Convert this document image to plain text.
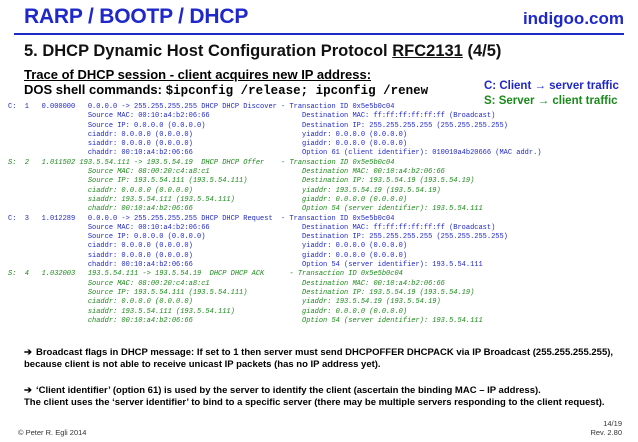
RARP / BOOTP / DHCP	indigoo.com
5. DHCP Dynamic Host Configuration Protocol RFC2131 (4/5)
Trace of DHCP session - client acquires new IP address:
DOS shell commands: $ipconfig /release; ipconfig /renew	C: Client → server traffic
S: Server → client traffic
C:  1   0.000000   0.0.0.0 -> 255.255.255.255 DHCP DHCP Discover - Transaction ID 0x5e5b0c04
Source MAC: 00:10:a4:b2:06:66                      Destination MAC: ff:ff:ff:ff:ff:ff (Broadcast)
Source IP: 0.0.0.0 (0.0.0.0)                       Destination IP: 255.255.255.255 (255.255.255.255)
ciaddr: 0.0.0.0 (0.0.0.0)                          yiaddr: 0.0.0.0 (0.0.0.0)
siaddr: 0.0.0.0 (0.0.0.0)                          giaddr: 0.0.0.0 (0.0.0.0)
chaddr: 00:10:a4:b2:06:66                          Option 61 (client identifier): 010010a4b20666 (MAC addr.)
S:  2   1.011502 193.5.54.111 -> 193.5.54.19  DHCP DHCP Offer    - Transaction ID 0x5e5b0c04
Source MAC: 08:00:20:c4:a8:c1                      Destination MAC: 00:10:a4:b2:06:66
Source IP: 193.5.54.111 (193.5.54.111)             Destination IP: 193.5.54.19 (193.5.54.19)
ciaddr: 0.0.0.0 (0.0.0.0)                          yiaddr: 193.5.54.19 (193.5.54.19)
siaddr: 193.5.54.111 (193.5.54.111)                giaddr: 0.0.0.0 (0.0.0.0)
chaddr: 00:10:a4:b2:06:66                          Option 54 (server identifier): 193.5.54.111
C:  3   1.012289   0.0.0.0 -> 255.255.255.255 DHCP DHCP Request  - Transaction ID 0x5e5b0c04
Source MAC: 00:10:a4:b2:06:66                      Destination MAC: ff:ff:ff:ff:ff:ff (Broadcast)
Source IP: 0.0.0.0 (0.0.0.0)                       Destination IP: 255.255.255.255 (255.255.255.255)
ciaddr: 0.0.0.0 (0.0.0.0)                          yiaddr: 0.0.0.0 (0.0.0.0)
siaddr: 0.0.0.0 (0.0.0.0)                          giaddr: 0.0.0.0 (0.0.0.0)
chaddr: 00:10:a4:b2:06:66                          Option 54 (server identifier): 193.5.54.111
S:  4   1.032003   193.5.54.111 -> 193.5.54.19  DHCP DHCP ACK      - Transaction ID 0x5e5b0c04
Source MAC: 08:00:20:c4:a8:c1                      Destination MAC: 00:10:a4:b2:06:66
Source IP: 193.5.54.111 (193.5.54.111)             Destination IP: 193.5.54.19 (193.5.54.19)
ciaddr: 0.0.0.0 (0.0.0.0)                          yiaddr: 193.5.54.19 (193.5.54.19)
siaddr: 193.5.54.111 (193.5.54.111)                giaddr: 0.0.0.0 (0.0.0.0)
chaddr: 00:10:a4:b2:06:66                          Option 54 (server identifier): 193.5.54.111
➔ Broadcast flags in DHCP message: If set to 1 then server must send DHCPOFFER DHCPACK via IP Broadcast (255.255.255.255), because client is not able to receive unicast IP packets (has no IP address yet).
➔ ‘Client identifier’ (option 61) is used by the server to identify the client (ascertain the binding MAC – IP address).
The client uses the ‘server identifier’ to bind to a specific server (there may be multiple servers responding to the client request).
© Peter R. Egli 2014
14/19
Rev. 2.80
